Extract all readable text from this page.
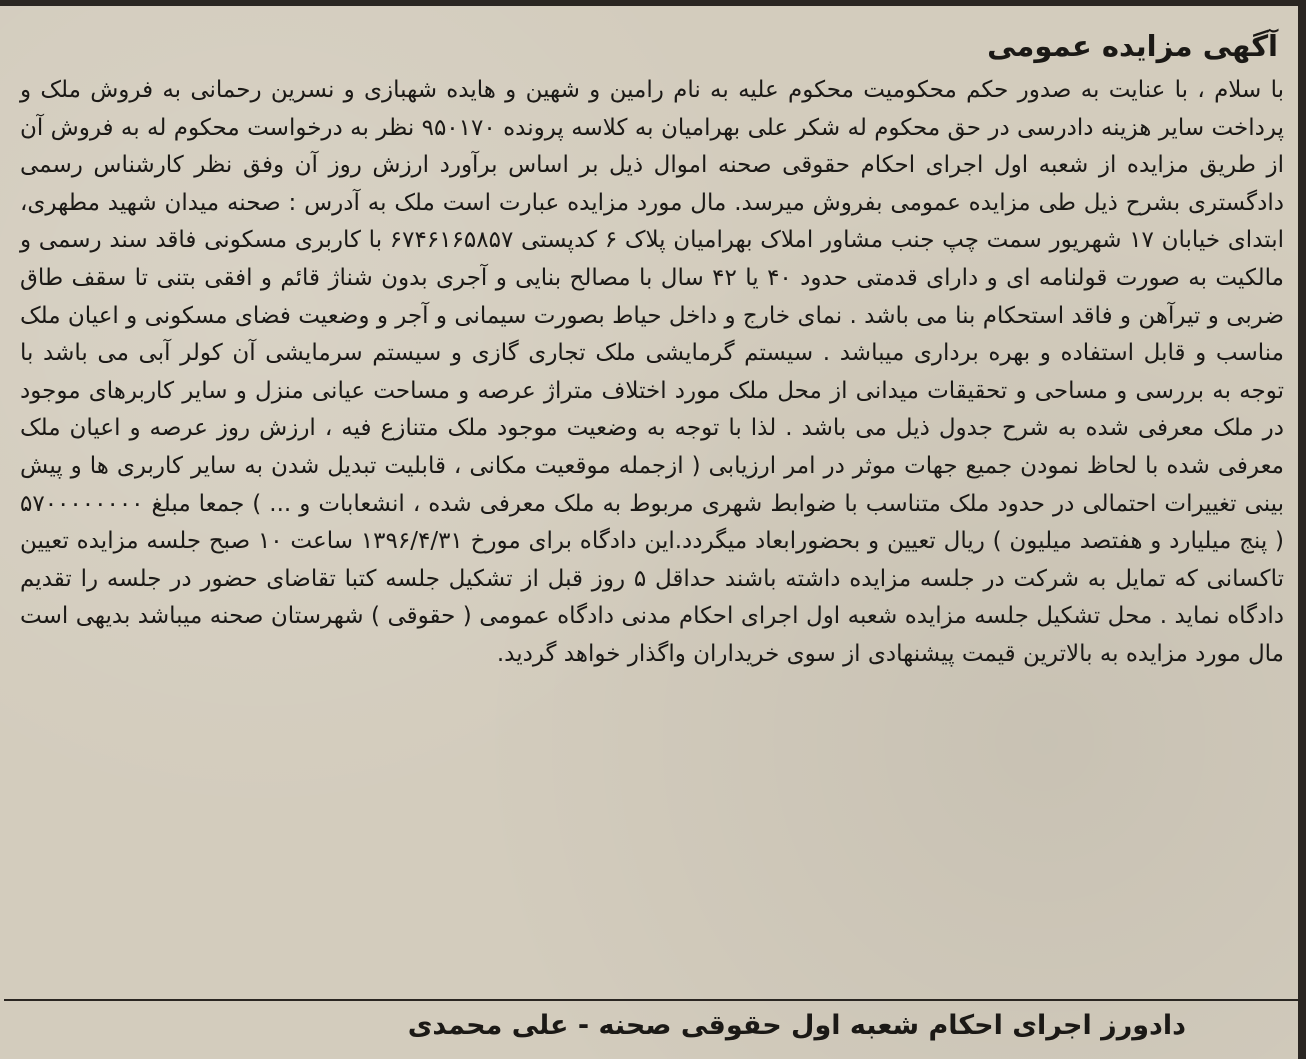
آگهی مزایده عمومی
با سلام ، با عنایت به صدور حکم محکومیت محکوم علیه به نام رامین و شهین و هایده شهبازی و نسرین رحمانی به فروش ملک و پرداخت سایر هزینه دادرسی در حق محکوم له شکر علی بهرامیان به کلاسه پرونده ۹۵۰۱۷۰ نظر به درخواست محکوم له به فروش آن از طریق مزایده از شعبه اول اجرای احکام حقوقی صحنه اموال ذیل بر اساس برآورد ارزش روز آن وفق نظر کارشناس رسمی دادگستری بشرح ذیل طی مزایده عمومی بفروش میرسد. مال مورد مزایده عبارت است ملک به آدرس : صحنه میدان شهید مطهری، ابتدای خیابان ۱۷ شهریور سمت چپ جنب مشاور املاک بهرامیان پلاک ۶ کدپستی ۶۷۴۶۱۶۵۸۵۷ با کاربری مسکونی فاقد سند رسمی و مالکیت به صورت قولنامه ای و دارای قدمتی حدود ۴۰ یا ۴۲ سال با مصالح بنایی و آجری بدون شناژ قائم و افقی بتنی تا سقف طاق ضربی و تیرآهن و فاقد استحکام بنا می باشد . نمای خارج و داخل حیاط بصورت سیمانی و آجر و وضعیت فضای مسکونی و اعیان ملک مناسب و قابل استفاده و بهره برداری میباشد . سیستم گرمایشی ملک تجاری گازی و سیستم سرمایشی آن کولر آبی می باشد با توجه به بررسی و مساحی و تحقیقات میدانی از محل ملک مورد اختلاف متراژ عرصه و مساحت عیانی منزل و سایر کاربرهای موجود در ملک معرفی شده به شرح جدول ذیل می باشد . لذا با توجه به وضعیت موجود ملک متنازع فیه ، ارزش روز عرصه و اعیان ملک معرفی شده با لحاظ نمودن جمیع جهات موثر در امر ارزیابی ( ازجمله موقعیت مکانی ، قابلیت تبدیل شدن به سایر کاربری ها و پیش بینی تغییرات احتمالی در حدود ملک متناسب با ضوابط شهری مربوط به ملک معرفی شده ، انشعابات و ... ) جمعا مبلغ ۵۷۰۰۰۰۰۰۰۰ ( پنج میلیارد و هفتصد میلیون ) ریال تعیین و بحضورابعاد میگردد.این دادگاه برای مورخ ۱۳۹۶/۴/۳۱ ساعت ۱۰ صبح جلسه مزایده تعیین تاکسانی که تمایل به شرکت در جلسه مزایده داشته باشند حداقل ۵ روز قبل از تشکیل جلسه کتبا تقاضای حضور در جلسه را تقدیم دادگاه نماید . محل تشکیل جلسه مزایده شعبه اول اجرای احکام مدنی دادگاه عمومی ( حقوقی ) شهرستان صحنه میباشد بدیهی است مال مورد مزایده به بالاترین قیمت پیشنهادی از سوی خریداران واگذار خواهد گردید.
دادورز اجرای احکام شعبه اول حقوقی صحنه - علی محمدی
